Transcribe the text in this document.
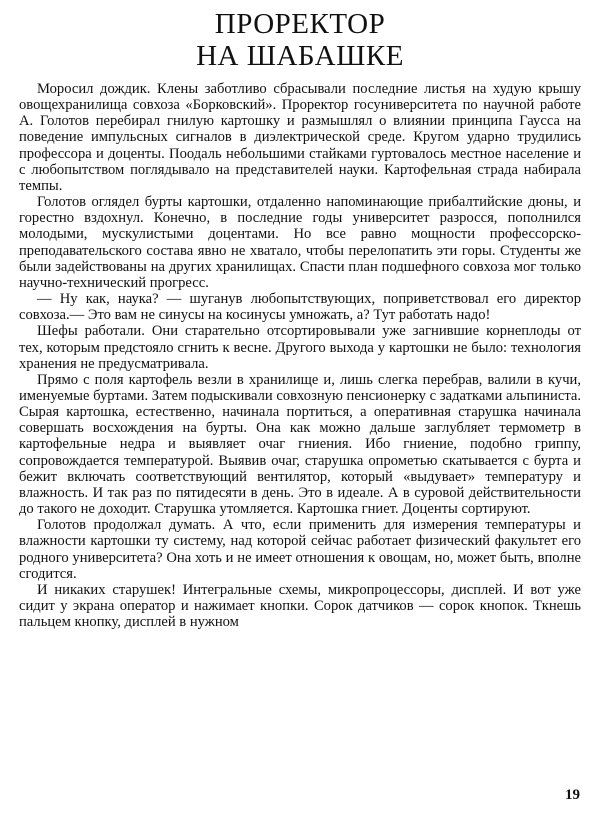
ПРОРЕКТОР
НА ШАБАШКЕ

Моросил дождик. Клены заботливо сбрасывали последние листья на худую крышу овощехранилища совхоза «Борковский». Проректор госуниверситета по научной работе А. Голотов перебирал гнилую картошку и размышлял о влиянии принципа Гаусса на поведение импульсных сигналов в диэлектрической среде. Кругом ударно трудились профессора и доценты. Поодаль небольшими стайками гуртовалось местное население и с любопытством поглядывало на представителей науки. Картофельная страда набирала темпы.

Голотов оглядел бурты картошки, отдаленно напоминающие прибалтийские дюны, и горестно вздохнул. Конечно, в последние годы университет разросся, пополнился молодыми, мускулистыми доцентами. Но все равно мощности профессорско-преподавательского состава явно не хватало, чтобы перелопатить эти горы. Студенты же были задействованы на других хранилищах. Спасти план подшефного совхоза мог только научно-технический прогресс.

— Ну как, наука? — шуганув любопытствующих, поприветствовал его директор совхоза.— Это вам не синусы на косинусы умножать, а? Тут работать надо!

Шефы работали. Они старательно отсортировывали уже загнившие корнеплоды от тех, которым предстояло сгнить к весне. Другого выхода у картошки не было: технология хранения не предусматривала.

Прямо с поля картофель везли в хранилище и, лишь слегка перебрав, валили в кучи, именуемые буртами. Затем подыскивали совхозную пенсионерку с задатками альпиниста. Сырая картошка, естественно, начинала портиться, а оперативная старушка начинала совершать восхождения на бурты. Она как можно дальше заглубляет термометр в картофельные недра и выявляет очаг гниения. Ибо гниение, подобно гриппу, сопровождается температурой. Выявив очаг, старушка опрометью скатывается с бурта и бежит включать соответствующий вентилятор, который «выдувает» температуру и влажность. И так раз по пятидесяти в день. Это в идеале. А в суровой действительности до такого не доходит. Старушка утомляется. Картошка гниет. Доценты сортируют.

Голотов продолжал думать. А что, если применить для измерения температуры и влажности картошки ту систему, над которой сейчас работает физический факультет его родного университета? Она хоть и не имеет отношения к овощам, но, может быть, вполне сгодится.

И никаких старушек! Интегральные схемы, микропроцессоры, дисплей. И вот уже сидит у экрана оператор и нажимает кнопки. Сорок датчиков — сорок кнопок. Ткнешь пальцем кнопку, дисплей в нужном

19
